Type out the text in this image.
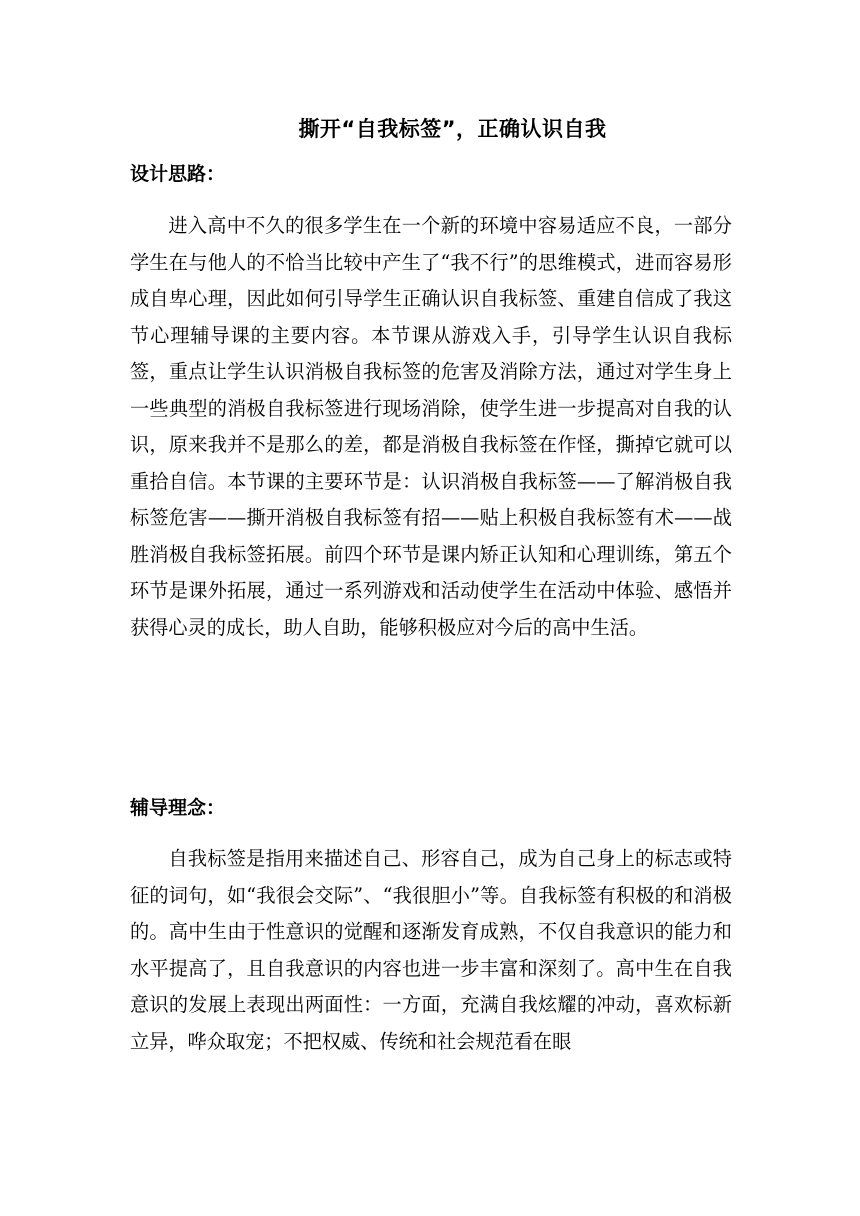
撕开“自我标签”，正确认识自我
设计思路：

进入高中不久的很多学生在一个新的环境中容易适应不良，一部分学生在与他人的不恰当比较中产生了“我不行”的思维模式，进而容易形成自卑心理，因此如何引导学生正确认识自我标签、重建自信成了我这节心理辅导课的主要内容。本节课从游戏入手，引导学生认识自我标签，重点让学生认识消极自我标签的危害及消除方法，通过对学生身上一些典型的消极自我标签进行现场消除，使学生进一步提高对自我的认识，原来我并不是那么的差，都是消极自我标签在作怪，撕掉它就可以重拾自信。本节课的主要环节是：认识消极自我标签——了解消极自我标签危害——撕开消极自我标签有招——贴上积极自我标签有术——战胜消极自我标签拓展。前四个环节是课内矫正认知和心理训练，第五个环节是课外拓展，通过一系列游戏和活动使学生在活动中体验、感悟并获得心灵的成长，助人自助，能够积极应对今后的高中生活。

辅导理念：

自我标签是指用来描述自己、形容自己，成为自己身上的标志或特征的词句，如“我很会交际”、“我很胆小”等。自我标签有积极的和消极的。高中生由于性意识的觉醒和逐渐发育成熟，不仅自我意识的能力和水平提高了，且自我意识的内容也进一步丰富和深刻了。高中生在自我意识的发展上表现出两面性：一方面，充满自我炫耀的冲动，喜欢标新立异，哗众取宠；不把权威、传统和社会规范看在眼
